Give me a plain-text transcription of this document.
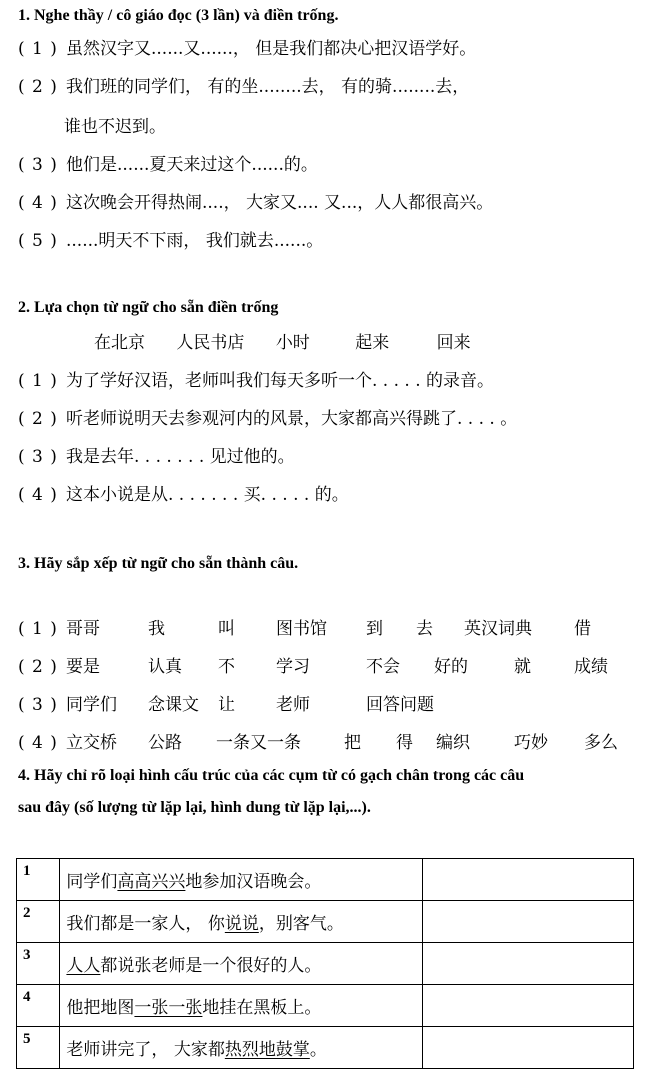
1. Nghe thầy / cô giáo đọc (3 lần) và điền trống.
( 1 ) 虽然汉字又......又......， 但是我们都决心把汉语学好。
( 2 ) 我们班的同学们， 有的坐........去， 有的骑........去，
谁也不迟到。
( 3 ) 他们是......夏天来过这个......的。
( 4 ) 这次晚会开得热闹....， 大家又.... 又...，人人都很高兴。
( 5 ) ......明天不下雨， 我们就去......。
2. Lựa chọn từ ngữ cho sẵn điền trống
在北京 人民书店 小时	起来	回来
( 1 ) 为了学好汉语，老师叫我们每天多听一个. . . . . 的录音。
( 2 ) 听老师说明天去参观河内的风景，大家都高兴得跳了. . . . 。
( 3 ) 我是去年. . . . . . . 见过他的。
( 4 ) 这本小说是从. . . . . . . 买. . . . . 的。
3. Hãy sắp xếp từ ngữ cho sẵn thành câu.
( 1 ) 哥哥	我	叫 图书馆 到 去 英汉词典 借
( 2 ) 要是	认真 不 学习	不会 好的	就	成绩
( 3 ) 同学们 念课文 让 老师	回答问题
( 4 ) 立交桥 公路 一条又一条	把 得 编织	巧妙 多么
4. Hãy chỉ rõ loại hình cấu trúc của các cụm từ có gạch chân trong các câu
sau đây (số lượng từ lặp lại, hình dung từ lặp lại,...).
1	同学们高高兴兴地参加汉语晚会。	
2	我们都是一家人， 你说说，别客气。	
3	人人都说张老师是一个很好的人。	
4	他把地图一张一张地挂在黑板上。	
5	老师讲完了， 大家都热烈地鼓掌。	
